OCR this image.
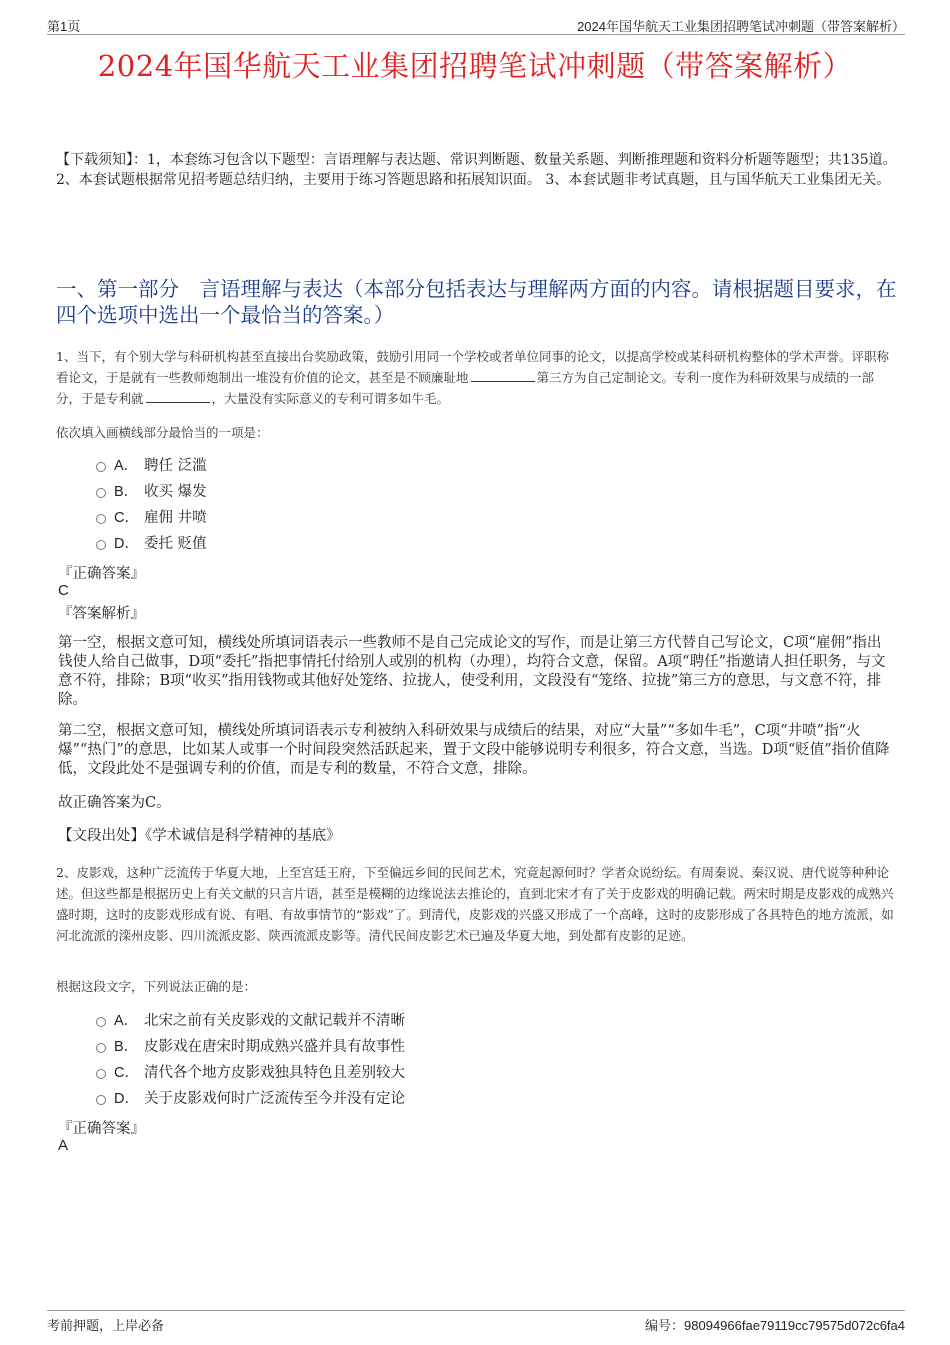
第1页	2024年国华航天工业集团招聘笔试冲刺题（带答案解析）
2024年国华航天工业集团招聘笔试冲刺题（带答案解析）
【下载须知】：1，本套练习包含以下题型：言语理解与表达题、常识判断题、数量关系题、判断推理题和资料分析题等题型；共135道。 2、本套试题根据常见招考题总结归纳，主要用于练习答题思路和拓展知识面。 3、本套试题非考试真题，且与国华航天工业集团无关。
一、第一部分　言语理解与表达（本部分包括表达与理解两方面的内容。请根据题目要求，在四个选项中选出一个最恰当的答案。）
1、当下，有个别大学与科研机构甚至直接出台奖励政策，鼓励引用同一个学校或者单位同事的论文，以提高学校或某科研机构整体的学术声誉。评职称看论文，于是就有一些教师炮制出一堆没有价值的论文，甚至是不顾廉耻地	第三方为自己定制论文。专利一度作为科研效果与成绩的一部分，于是专利就	，大量没有实际意义的专利可谓多如牛毛。
依次填入画横线部分最恰当的一项是：
A． 聘任 泛滥
B． 收买 爆发
C． 雇佣 井喷
D． 委托 贬值
『正确答案』
C
『答案解析』
第一空，根据文意可知，横线处所填词语表示一些教师不是自己完成论文的写作，而是让第三方代替自己写论文，C项“雇佣”指出钱使人给自己做事，D项“委托”指把事情托付给别人或别的机构（办理），均符合文意，保留。A项“聘任”指邀请人担任职务，与文意不符，排除；B项“收买”指用钱物或其他好处笼络、拉拢人，使受利用，文段没有“笼络、拉拢”第三方的意思，与文意不符，排除。
第二空，根据文意可知，横线处所填词语表示专利被纳入科研效果与成绩后的结果，对应“大量”“多如牛毛”，C项“井喷”指“火爆”“热门”的意思，比如某人或事一个时间段突然活跃起来，置于文段中能够说明专利很多，符合文意，当选。D项“贬值”指价值降低，文段此处不是强调专利的价值，而是专利的数量，不符合文意，排除。
故正确答案为C。
【文段出处】《学术诚信是科学精神的基底》
2、皮影戏，这种广泛流传于华夏大地，上至宫廷王府，下至偏远乡间的民间艺术，究竟起源何时？学者众说纷纭。有周秦说、秦汉说、唐代说等种种论述。但这些都是根据历史上有关文献的只言片语，甚至是模糊的边缘说法去推论的，直到北宋才有了关于皮影戏的明确记载。两宋时期是皮影戏的成熟兴盛时期，这时的皮影戏形成有说、有唱、有故事情节的“影戏”了。到清代，皮影戏的兴盛又形成了一个高峰，这时的皮影形成了各具特色的地方流派，如河北流派的滦州皮影、四川流派皮影、陕西流派皮影等。清代民间皮影艺术已遍及华夏大地，到处都有皮影的足迹。
根据这段文字，下列说法正确的是：
A． 北宋之前有关皮影戏的文献记载并不清晰
B． 皮影戏在唐宋时期成熟兴盛并具有故事性
C． 清代各个地方皮影戏独具特色且差别较大
D． 关于皮影戏何时广泛流传至今并没有定论
『正确答案』
A
考前押题，上岸必备	编号：98094966fae79119cc79575d072c6fa4
